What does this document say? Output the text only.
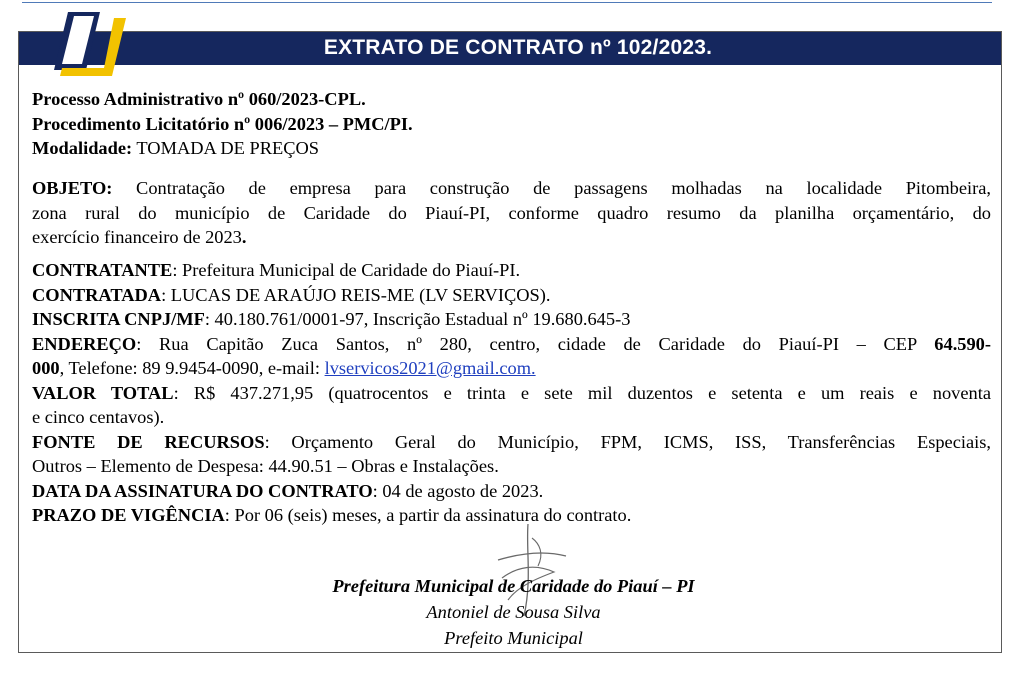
EXTRATO DE CONTRATO nº 102/2023.
Processo Administrativo nº 060/2023-CPL.
Procedimento Licitatório nº 006/2023 – PMC/PI.
Modalidade: TOMADA DE PREÇOS
OBJETO: Contratação de empresa para construção de passagens molhadas na localidade Pitombeira,
zona rural do município de Caridade do Piauí-PI, conforme quadro resumo da planilha orçamentário, do
exercício financeiro de 2023.
CONTRATANTE: Prefeitura Municipal de Caridade do Piauí-PI.
CONTRATADA: LUCAS DE ARAÚJO REIS-ME (LV SERVIÇOS).
INSCRITA CNPJ/MF: 40.180.761/0001-97, Inscrição Estadual nº 19.680.645-3
ENDEREÇO: Rua Capitão Zuca Santos, nº 280, centro, cidade de Caridade do Piauí-PI – CEP 64.590-
000, Telefone: 89 9.9454-0090, e-mail: lvservicos2021@gmail.com.
VALOR TOTAL: R$ 437.271,95 (quatrocentos e trinta e sete mil duzentos e setenta e um reais e noventa
e cinco centavos).
FONTE DE RECURSOS: Orçamento Geral do Município, FPM, ICMS, ISS, Transferências Especiais,
Outros – Elemento de Despesa: 44.90.51 – Obras e Instalações.
DATA DA ASSINATURA DO CONTRATO: 04 de agosto de 2023.
PRAZO DE VIGÊNCIA: Por 06 (seis) meses, a partir da assinatura do contrato.
Prefeitura Municipal de Caridade do Piauí – PI
Antoniel de Sousa Silva
Prefeito Municipal
